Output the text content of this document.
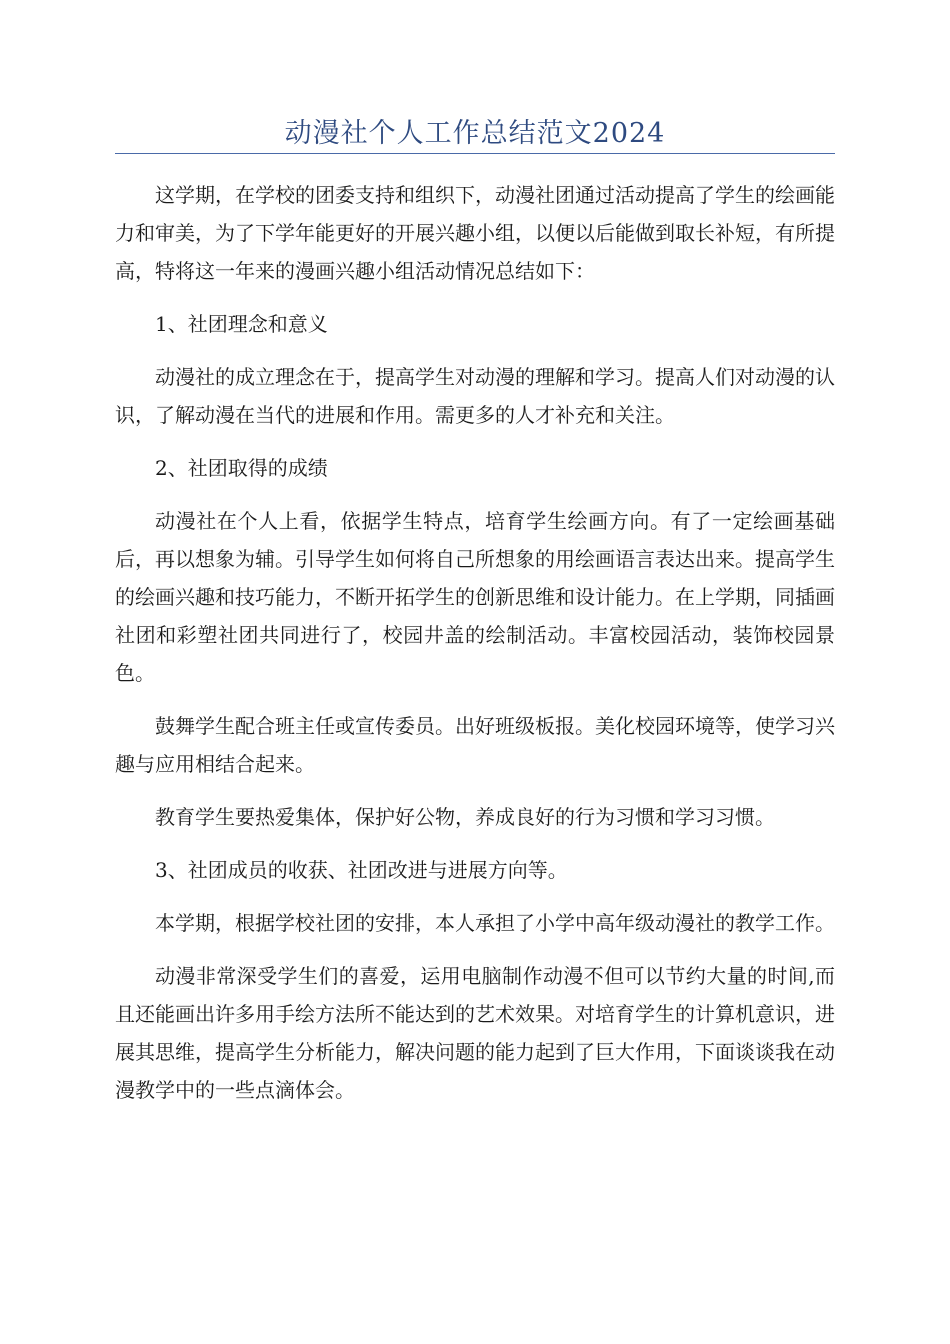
动漫社个人工作总结范文2024

这学期，在学校的团委支持和组织下，动漫社团通过活动提高了学生的绘画能力和审美，为了下学年能更好的开展兴趣小组，以便以后能做到取长补短，有所提高，特将这一年来的漫画兴趣小组活动情况总结如下：

1、社团理念和意义

动漫社的成立理念在于，提高学生对动漫的理解和学习。提高人们对动漫的认识，了解动漫在当代的进展和作用。需更多的人才补充和关注。

2、社团取得的成绩

动漫社在个人上看，依据学生特点，培育学生绘画方向。有了一定绘画基础后，再以想象为辅。引导学生如何将自己所想象的用绘画语言表达出来。提高学生的绘画兴趣和技巧能力，不断开拓学生的创新思维和设计能力。在上学期，同插画社团和彩塑社团共同进行了，校园井盖的绘制活动。丰富校园活动，装饰校园景色。

鼓舞学生配合班主任或宣传委员。出好班级板报。美化校园环境等，使学习兴趣与应用相结合起来。

教育学生要热爱集体，保护好公物，养成良好的行为习惯和学习习惯。

3、社团成员的收获、社团改进与进展方向等。

本学期，根据学校社团的安排，本人承担了小学中高年级动漫社的教学工作。

动漫非常深受学生们的喜爱，运用电脑制作动漫不但可以节约大量的时间,而且还能画出许多用手绘方法所不能达到的艺术效果。对培育学生的计算机意识，进展其思维，提高学生分析能力，解决问题的能力起到了巨大作用，下面谈谈我在动漫教学中的一些点滴体会。
